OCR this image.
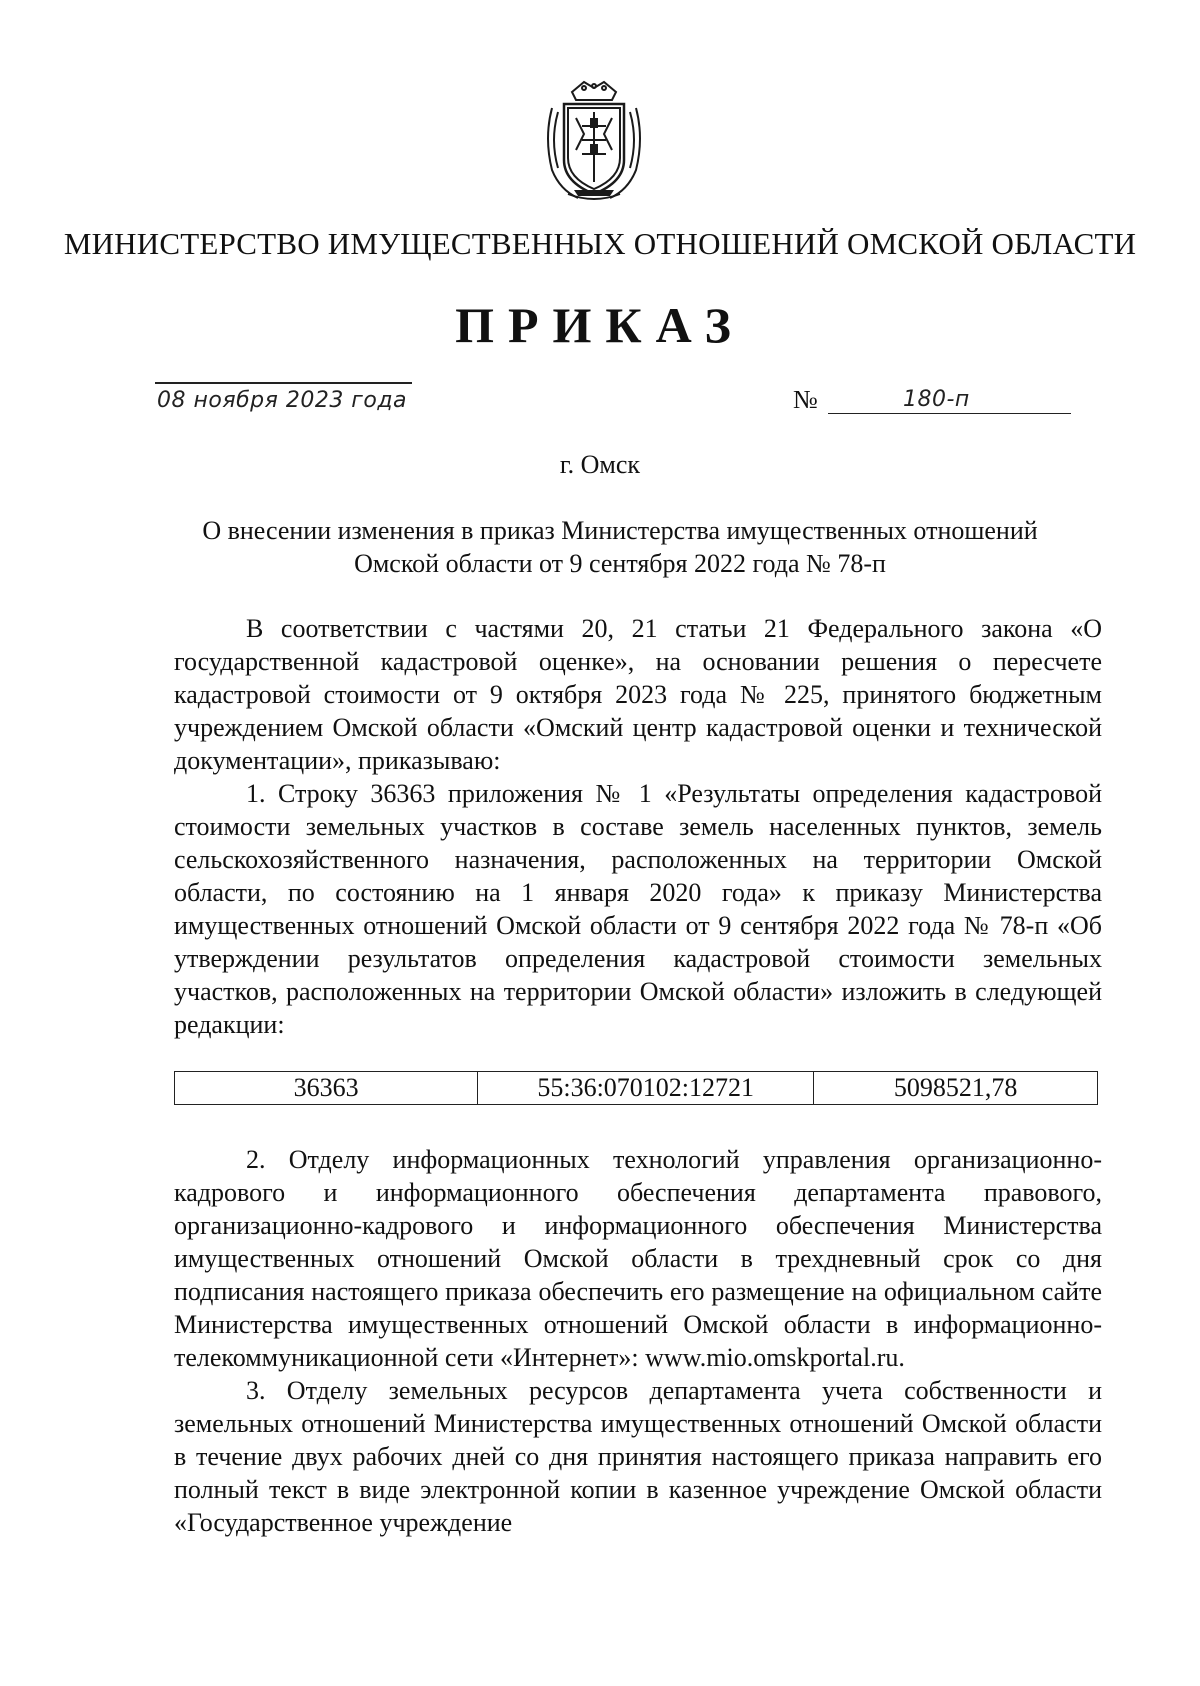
МИНИСТЕРСТВО ИМУЩЕСТВЕННЫХ ОТНОШЕНИЙ ОМСКОЙ ОБЛАСТИ
ПРИКАЗ
08 ноября 2023 года	№	180-п
г. Омск
О внесении изменения в приказ Министерства имущественных отношений
Омской области от 9 сентября 2022 года № 78-п

В соответствии с частями 20, 21 статьи 21 Федерального закона «О государственной кадастровой оценке», на основании решения о пересчете кадастровой стоимости от 9 октября 2023 года № 225, принятого бюджетным учреждением Омской области «Омский центр кадастровой оценки и технической документации», приказываю:

1. Строку 36363 приложения № 1 «Результаты определения кадастровой стоимости земельных участков в составе земель населенных пунктов, земель сельскохозяйственного назначения, расположенных на территории Омской области, по состоянию на 1 января 2020 года» к приказу Министерства имущественных отношений Омской области от 9 сентября 2022 года № 78-п «Об утверждении результатов определения кадастровой стоимости земельных участков, расположенных на территории Омской области» изложить в следующей редакции:

36363	55:36:070102:12721	5098521,78

2. Отделу информационных технологий управления организационно-кадрового и информационного обеспечения департамента правового, организационно-кадрового и информационного обеспечения Министерства имущественных отношений Омской области в трехдневный срок со дня подписания настоящего приказа обеспечить его размещение на официальном сайте Министерства имущественных отношений Омской области в информационно-телекоммуникационной сети «Интернет»: www.mio.omskportal.ru.

3. Отделу земельных ресурсов департамента учета собственности и земельных отношений Министерства имущественных отношений Омской области в течение двух рабочих дней со дня принятия настоящего приказа направить его полный текст в виде электронной копии в казенное учреждение Омской области «Государственное учреждение
